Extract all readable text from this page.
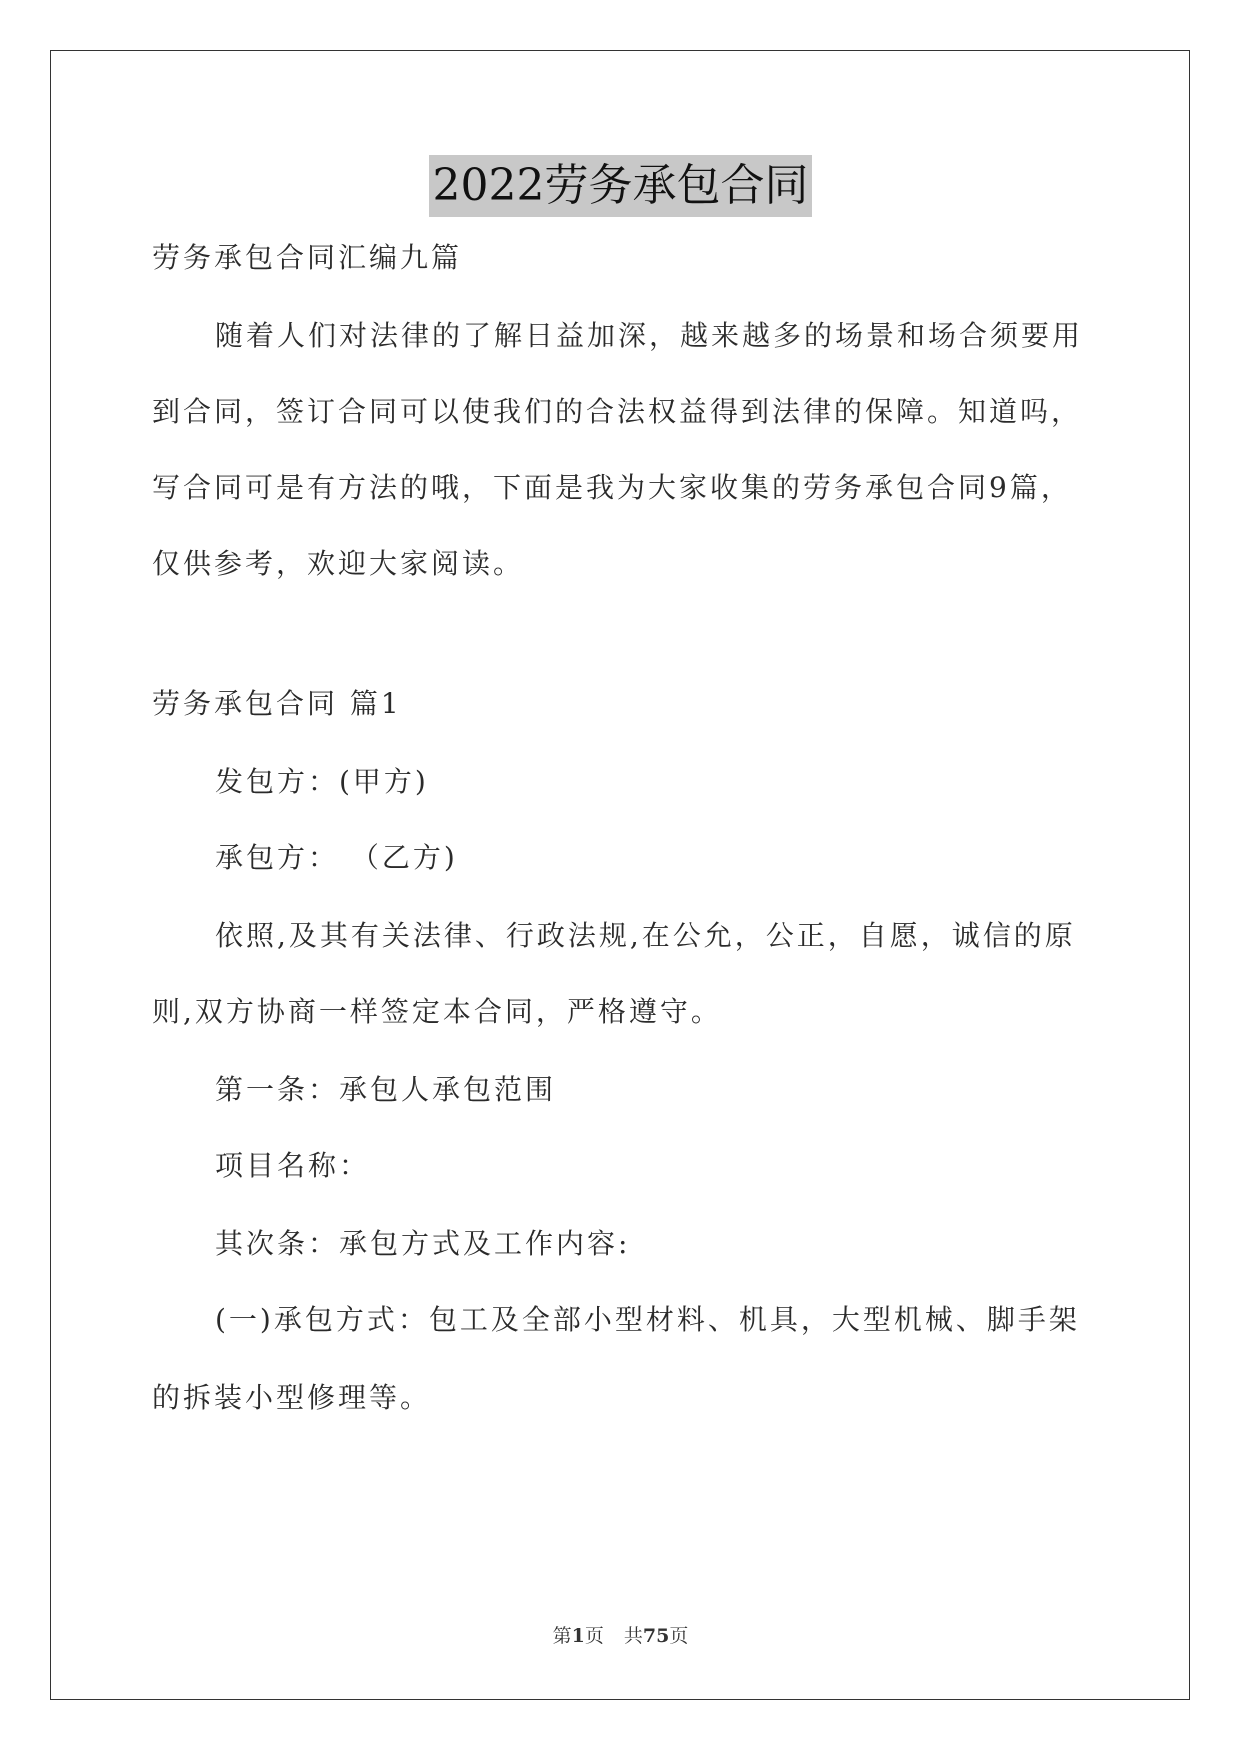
2022劳务承包合同
劳务承包合同汇编九篇
随着人们对法律的了解日益加深，越来越多的场景和场合须要用
到合同，签订合同可以使我们的合法权益得到法律的保障。知道吗，
写合同可是有方法的哦，下面是我为大家收集的劳务承包合同9篇，
仅供参考，欢迎大家阅读。
劳务承包合同 篇1
发包方：(甲方)
承包方： （乙方)
依照,及其有关法律、行政法规,在公允，公正，自愿，诚信的原
则,双方协商一样签定本合同，严格遵守。
第一条：承包人承包范围
项目名称：
其次条：承包方式及工作内容:
(一)承包方式：包工及全部小型材料、机具，大型机械、脚手架
的拆装小型修理等。
第1页 共75页
